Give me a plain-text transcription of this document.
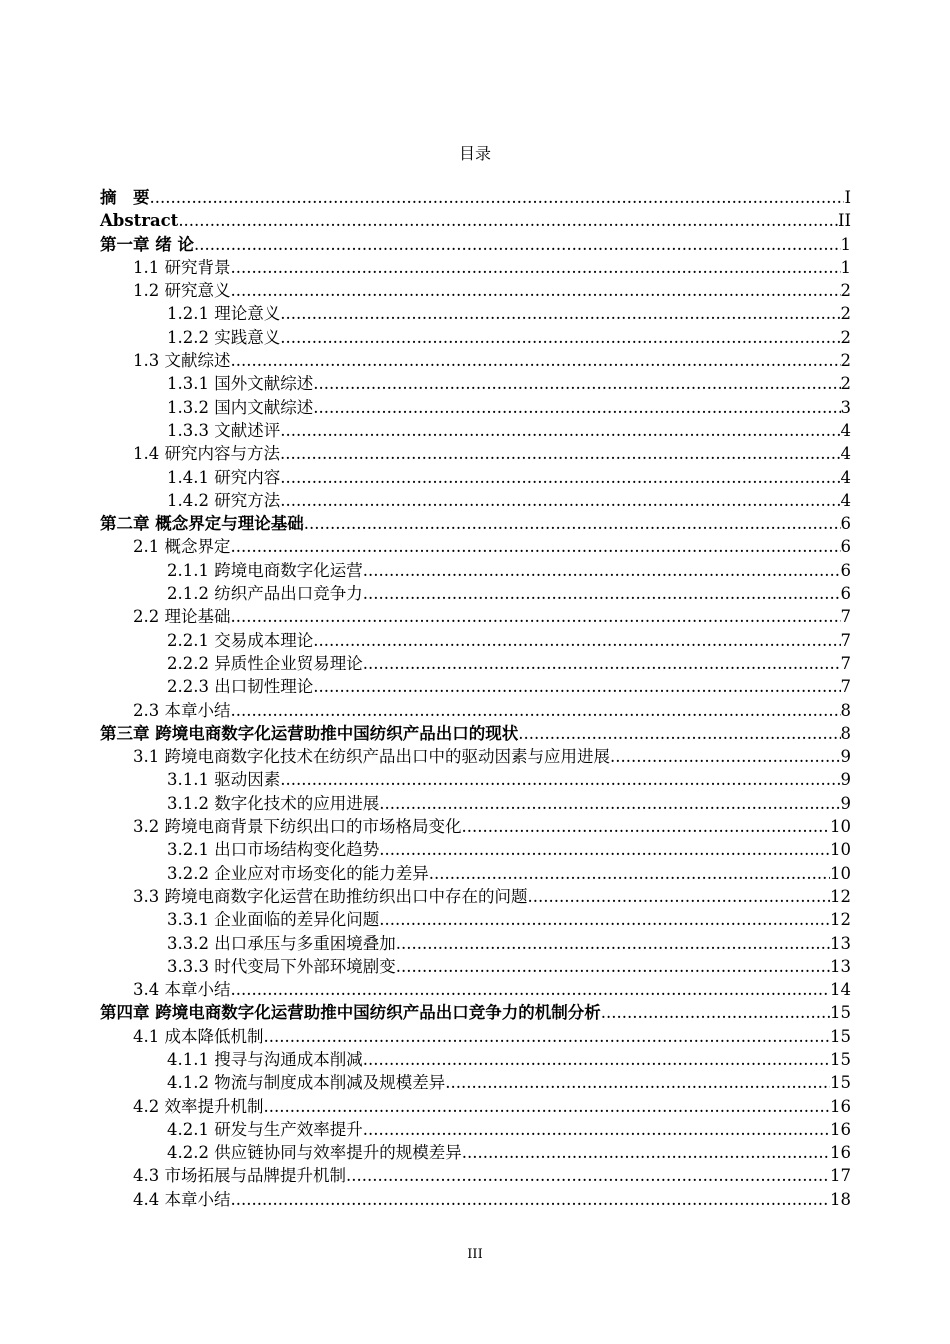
目录
摘　要 .....	I
Abstract .....	II
第一章 绪 论 .....	1
1.1 研究背景 .....	1
1.2 研究意义 .....	2
1.2.1 理论意义 .....	2
1.2.2 实践意义 .....	2
1.3 文献综述 .....	2
1.3.1 国外文献综述 .....	2
1.3.2 国内文献综述 .....	3
1.3.3 文献述评 .....	4
1.4 研究内容与方法 .....	4
1.4.1 研究内容 .....	4
1.4.2 研究方法 .....	4
第二章 概念界定与理论基础 .....	6
2.1 概念界定 .....	6
2.1.1 跨境电商数字化运营 .....	6
2.1.2 纺织产品出口竞争力 .....	6
2.2 理论基础 .....	7
2.2.1 交易成本理论 .....	7
2.2.2 异质性企业贸易理论 .....	7
2.2.3 出口韧性理论 .....	7
2.3 本章小结 .....	8
第三章 跨境电商数字化运营助推中国纺织产品出口的现状 .....	8
3.1 跨境电商数字化技术在纺织产品出口中的驱动因素与应用进展 .....	9
3.1.1 驱动因素 .....	9
3.1.2 数字化技术的应用进展 .....	9
3.2 跨境电商背景下纺织出口的市场格局变化 .....	10
3.2.1 出口市场结构变化趋势 .....	10
3.2.2 企业应对市场变化的能力差异 .....	10
3.3 跨境电商数字化运营在助推纺织出口中存在的问题 .....	12
3.3.1 企业面临的差异化问题 .....	12
3.3.2 出口承压与多重困境叠加 .....	13
3.3.3 时代变局下外部环境剧变 .....	13
3.4 本章小结 .....	14
第四章 跨境电商数字化运营助推中国纺织产品出口竞争力的机制分析 .....	15
4.1 成本降低机制 .....	15
4.1.1 搜寻与沟通成本削减 .....	15
4.1.2 物流与制度成本削减及规模差异 .....	15
4.2 效率提升机制 .....	16
4.2.1 研发与生产效率提升 .....	16
4.2.2 供应链协同与效率提升的规模差异 .....	16
4.3 市场拓展与品牌提升机制 .....	17
4.4 本章小结 .....	18
III
